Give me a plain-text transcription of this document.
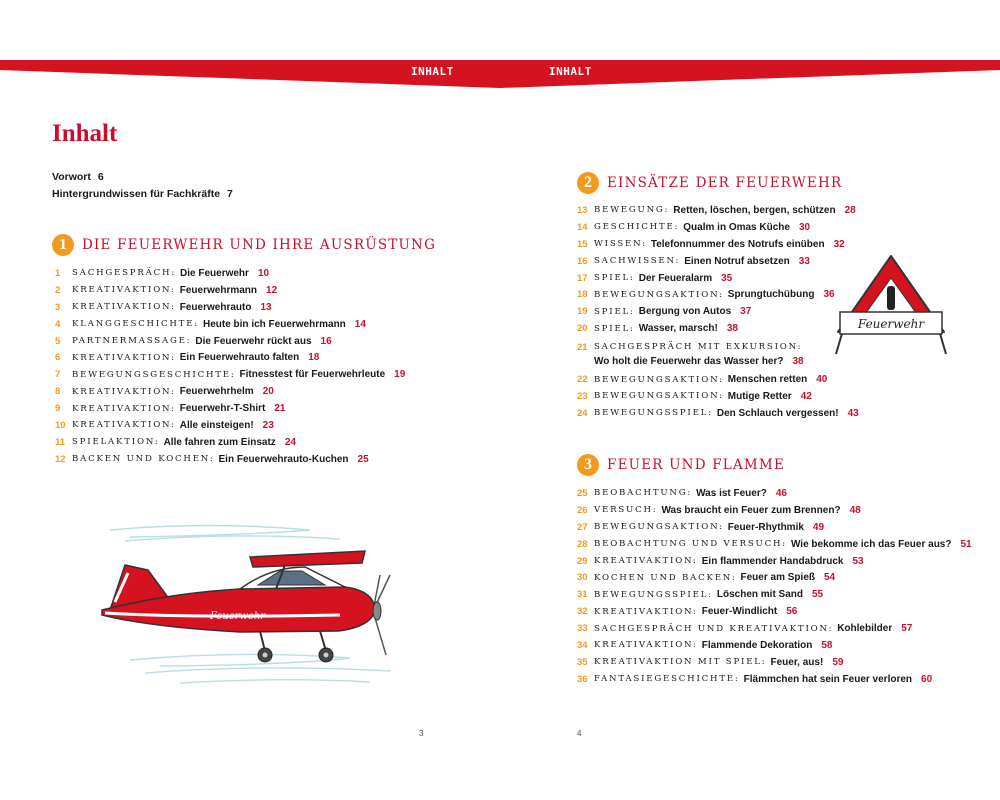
INHALT	INHALT
Inhalt
Vorwort 6
Hintergrundwissen für Fachkräfte 7
1	DIE FEUERWEHR UND IHRE AUSRÜSTUNG
1	SACHGESPRÄCH: Die Feuerwehr 10
2	KREATIVAKTION: Feuerwehrmann 12
3	KREATIVAKTION: Feuerwehrauto 13
4	KLANGGESCHICHTE: Heute bin ich Feuerwehrmann 14
5	PARTNERMASSAGE: Die Feuerwehr rückt aus 16
6	KREATIVAKTION: Ein Feuerwehrauto falten 18
7	BEWEGUNGSGESCHICHTE: Fitnesstest für Feuerwehrleute 19
8	KREATIVAKTION: Feuerwehrhelm 20
9	KREATIVAKTION: Feuerwehr-T-Shirt 21
10 KREATIVAKTION: Alle einsteigen! 23
11 SPIELAKTION: Alle fahren zum Einsatz 24
12 BACKEN UND KOCHEN: Ein Feuerwehrauto-Kuchen 25
Feuerwehr
3
2	EINSÄTZE DER FEUERWEHR
13 BEWEGUNG: Retten, löschen, bergen, schützen 28
14 GESCHICHTE: Qualm in Omas Küche 30
15 WISSEN: Telefonnummer des Notrufs einüben 32
16 SACHWISSEN: Einen Notruf absetzen 33
17 SPIEL: Der Feueralarm 35
18 BEWEGUNGSAKTION: Sprungtuchübung 36
19 SPIEL: Bergung von Autos 37
20 SPIEL: Wasser, marsch! 38
21 SACHGESPRÄCH MIT EXKURSION:
Wo holt die Feuerwehr das Wasser her? 38
22 BEWEGUNGSAKTION: Menschen retten 40
23 BEWEGUNGSAKTION: Mutige Retter 42
24 BEWEGUNGSSPIEL: Den Schlauch vergessen! 43
Feuerwehr
3	FEUER UND FLAMME
25 BEOBACHTUNG: Was ist Feuer? 46
26 VERSUCH: Was braucht ein Feuer zum Brennen? 48
27 BEWEGUNGSAKTION: Feuer-Rhythmik 49
28 BEOBACHTUNG UND VERSUCH: Wie bekomme ich das Feuer aus? 51
29 KREATIVAKTION: Ein flammender Handabdruck 53
30 KOCHEN UND BACKEN: Feuer am Spieß 54
31 BEWEGUNGSSPIEL: Löschen mit Sand 55
32 KREATIVAKTION: Feuer-Windlicht 56
33 SACHGESPRÄCH UND KREATIVAKTION: Kohlebilder 57
34 KREATIVAKTION: Flammende Dekoration 58
35 KREATIVAKTION MIT SPIEL: Feuer, aus! 59
36 FANTASIEGESCHICHTE: Flämmchen hat sein Feuer verloren 60
4
